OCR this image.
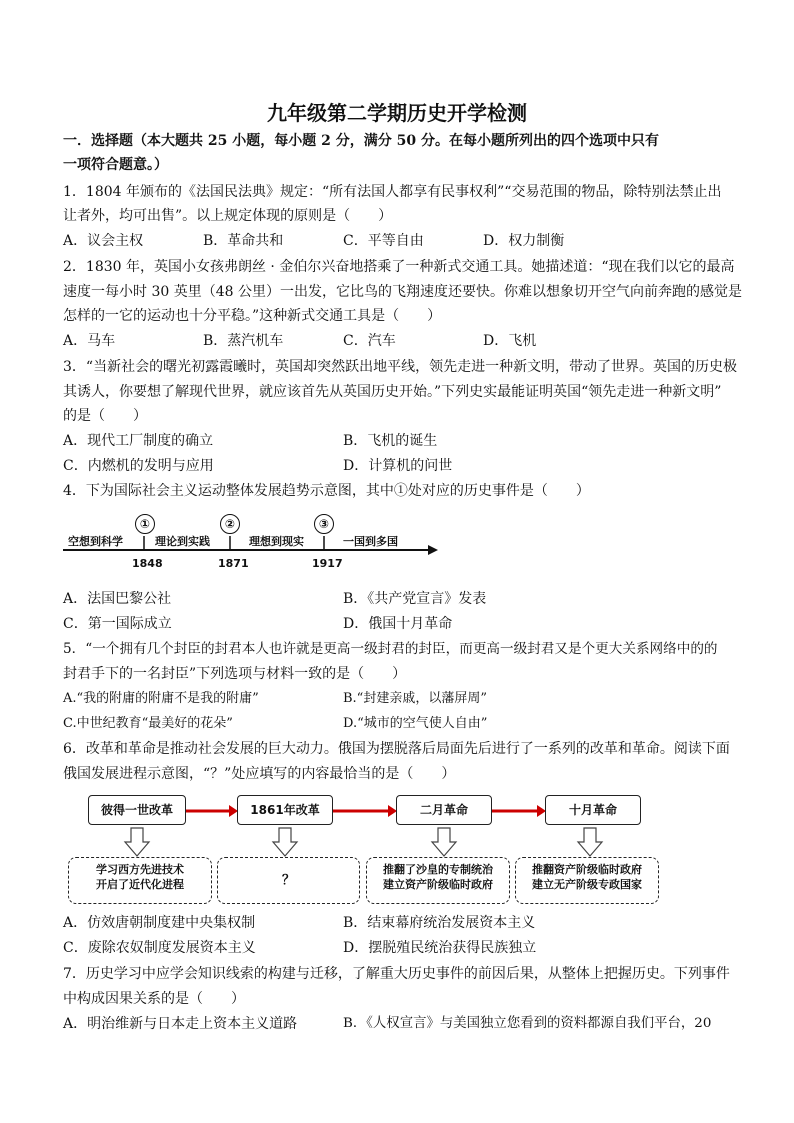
九年级第二学期历史开学检测
一．选择题（本大题共 25 小题，每小题 2 分，满分 50 分。在每小题所列出的四个选项中只有
一项符合题意。）
1．1804 年颁布的《法国民法典》规定：“所有法国人都享有民事权利”“交易范围的物品，除特别法禁止出
让者外，均可出售”。以上规定体现的原则是（　　）
A．议会主权	B．革命共和	C．平等自由	D．权力制衡
2．1830 年，英国小女孩弗朗丝 · 金伯尔兴奋地搭乘了一种新式交通工具。她描述道：“现在我们以它的最高
速度一每小时 30 英里（48 公里）一出发，它比鸟的飞翔速度还要快。你难以想象切开空气向前奔跑的感觉是
怎样的一它的运动也十分平稳。”这种新式交通工具是（　　）
A．马车	B．蒸汽机车	C．汽车	D．飞机
3．“当新社会的曙光初露霞曦时，英国却突然跃出地平线，领先走进一种新文明，带动了世界。英国的历史极
其诱人，你要想了解现代世界，就应该首先从英国历史开始。”下列史实最能证明英国“领先走进一种新文明”
的是（　　）
A．现代工厂制度的确立	B．飞机的诞生
C．内燃机的发明与应用	D．计算机的问世
4．下为国际社会主义运动整体发展趋势示意图，其中①处对应的历史事件是（　　）
空想到科学	理论到实践	理想到现实	一国到多国
①	②	③
1848	1871	1917
A．法国巴黎公社	B．《共产党宣言》发表
C．第一国际成立	D．俄国十月革命
5．“一个拥有几个封臣的封君本人也许就是更高一级封君的封臣，而更高一级封君又是个更大关系网络中的的
封君手下的一名封臣”下列选项与材料一致的是（　　）
A.“我的附庸的附庸不是我的附庸”	B.“封建亲戚，以藩屏周”
C.中世纪教育“最美好的花朵”	D.“城市的空气使人自由”
6．改革和革命是推动社会发展的巨大动力。俄国为摆脱落后局面先后进行了一系列的改革和革命。阅读下面
俄国发展进程示意图，“？”处应填写的内容最恰当的是（　　）
彼得一世改革	1861年改革	二月革命	十月革命
学习西方先进技术
开启了近代化进程	？
推翻了沙皇的专制统治
建立资产阶级临时政府
推翻资产阶级临时政府
建立无产阶级专政国家
A．仿效唐朝制度建中央集权制	B．结束幕府统治发展资本主义
C．废除农奴制度发展资本主义	D．摆脱殖民统治获得民族独立
7．历史学习中应学会知识线索的构建与迁移，了解重大历史事件的前因后果，从整体上把握历史。下列事件
中构成因果关系的是（　　）
A．明治维新与日本走上资本主义道路	B．《人权宣言》与美国独立您看到的资料都源自我们平台，20
